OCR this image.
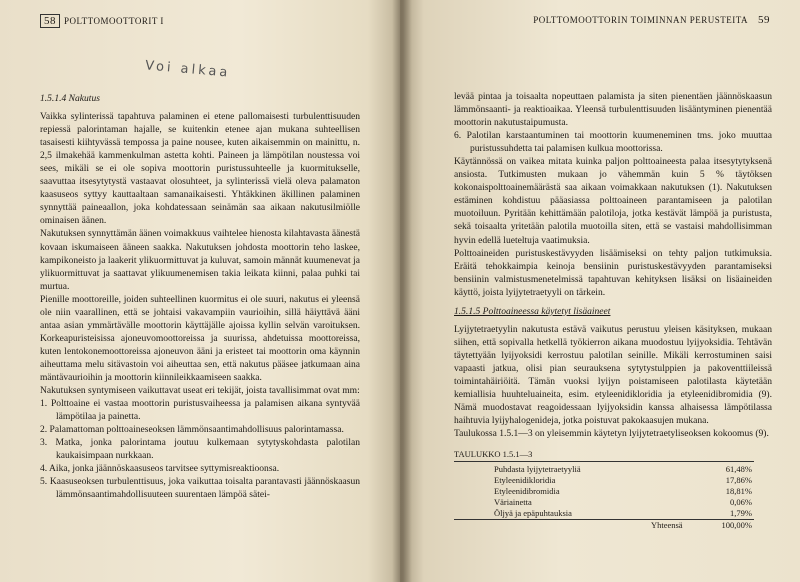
58 POLTTOMOOTTORIT I
Voi alkaa

1.5.1.4 Nakutus

Vaikka sylinterissä tapahtuva palaminen ei etene pallomaisesti turbulenttisuuden repiessä palorintaman hajalle, se kuitenkin etenee ajan mukana suhteellisen tasaisesti kiihtyvässä tempossa ja paine nousee, kuten aikaisemmin on mainittu, n. 2,5 ilmakehää kammenkulman astetta kohti. Paineen ja lämpötilan noustessa voi sees, mikäli se ei ole sopiva moottorin puristussuhteelle ja kuormitukselle, saavuttaa itsesytytystä vastaavat olosuhteet, ja sylinterissä vielä oleva palamaton kaasuseos syttyy kauttaaltaan samanaikaisesti. Yhtäkkinen äkillinen palaminen synnyttää paineaallon, joka kohdatessaan seinämän saa aikaan nakutusilmiölle ominaisen äänen.

Nakutuksen synnyttämän äänen voimakkuus vaihtelee hienosta kilahtavasta äänestä kovaan iskumaiseen ääneen saakka. Nakutuksen johdosta moottorin teho laskee, kampikoneisto ja laakerit ylikuormittuvat ja kuluvat, samoin männät kuumenevat ja ylikuormittuvat ja saattavat ylikuumenemisen takia leikata kiinni, palaa puhki tai murtua.

Pienille moottoreille, joiden suhteellinen kuormitus ei ole suuri, nakutus ei yleensä ole niin vaarallinen, että se johtaisi vakavampiin vaurioihin, sillä häiyttävä ääni antaa asian ymmärtävälle moottorin käyttäjälle ajoissa kyllin selvän varoituksen. Korkeapuristeisissa ajoneuvomoottoreissa ja suurissa, ahdetuissa moottoreissa, kuten lentokonemoottoreissa ajoneuvon ääni ja eristeet tai moottorin oma käynnin aiheuttama melu sitävastoin voi aiheuttaa sen, että nakutus pääsee jatkumaan aina mäntävaurioihin ja moottorin kiinnileikkaamiseen saakka.

Nakutuksen syntymiseen vaikuttavat useat eri tekijät, joista tavallisimmat ovat mm:

1. Polttoaine ei vastaa moottorin puristusvaiheessa ja palamisen aikana syntyvää lämpötilaa ja painetta.

2. Palamattoman polttoaineseoksen lämmönsaantimahdollisuus palorintamassa.

3. Matka, jonka palorintama joutuu kulkemaan sytytyskohdasta palotilan kaukaisimpaan nurkkaan.

4. Aika, jonka jäännöskaasuseos tarvitsee syttymisreaktioonsa.

5. Kaasuseoksen turbulenttisuus, joka vaikuttaa toisalta parantavasti jäännöskaasun lämmönsaantimahdollisuuteen suurentaen lämpöä sätei-

POLTTOMOOTTORIN TOIMINNAN PERUSTEITA 59

levää pintaa ja toisaalta nopeuttaen palamista ja siten pienentäen jäännöskaasun lämmönsaanti- ja reaktioaikaa. Yleensä turbulenttisuuden lisääntyminen pienentää moottorin nakutustaipumusta.

6. Palotilan karstaantuminen tai moottorin kuumeneminen tms. joko muuttaa puristussuhdetta tai palamisen kulkua moottorissa.

Käytännössä on vaikea mitata kuinka paljon polttoaineesta palaa itsesytytyksenä ansiosta. Tutkimusten mukaan jo vähemmän kuin 5 % täytöksen kokonaispolttoainemäärästä saa aikaan voimakkaan nakutuksen (1). Nakutuksen estäminen kohdistuu pääasiassa polttoaineen parantamiseen ja palotilan muotoiluun. Pyritään kehittämään palotiloja, jotka kestävät lämpöä ja puristusta, sekä toisaalta yritetään palotila muotoilla siten, että se vastaisi mahdollisimman hyvin edellä lueteltuja vaatimuksia.

Polttoaineiden puristuskestävyyden lisäämiseksi on tehty paljon tutkimuksia. Eräitä tehokkaimpia keinoja bensiinin puristuskestävyyden parantamiseksi bensiinin valmistusmenetelmissä tapahtuvan kehityksen lisäksi on lisäaineiden käyttö, joista lyijytetraetyyli on tärkein.

1.5.1.5 Polttoaineessa käytetyt lisäaineet

Lyijytetraetyylin nakutusta estävä vaikutus perustuu yleisen käsityksen, mukaan siihen, että sopivalla hetkellä työkierron aikana muodostuu lyijyoksidia. Tehtävän täytettyään lyijyoksidi kerrostuu palotilan seinille. Mikäli kerrostuminen saisi vapaasti jatkua, olisi pian seurauksena sytytystulppien ja pakoventtiileissä toimintahäiriöitä. Tämän vuoksi lyijyn poistamiseen palotilasta käytetään kemiallisia huuhteluaineita, esim. etyleenidikloridia ja etyleenidibromidia (9). Nämä muodostavat reagoidessaan lyijyoksidin kanssa alhaisessa lämpötilassa haihtuvia lyijyhalogenideja, jotka poistuvat pakokaasujen mukana.

Taulukossa 1.5.1—3 on yleisemmin käytetyn lyijytetraetyliseoksen kokoomus (9).

TAULUKKO 1.5.1—3

Puhdasta lyijytetraetyyliä	61,48%
Etyleenidikloridia	17,86%
Etyleenidibromidia	18,81%
Väriainetta	0,06%
Öljyä ja epäpuhtauksia	1,79%
Yhteensä	100,00%
